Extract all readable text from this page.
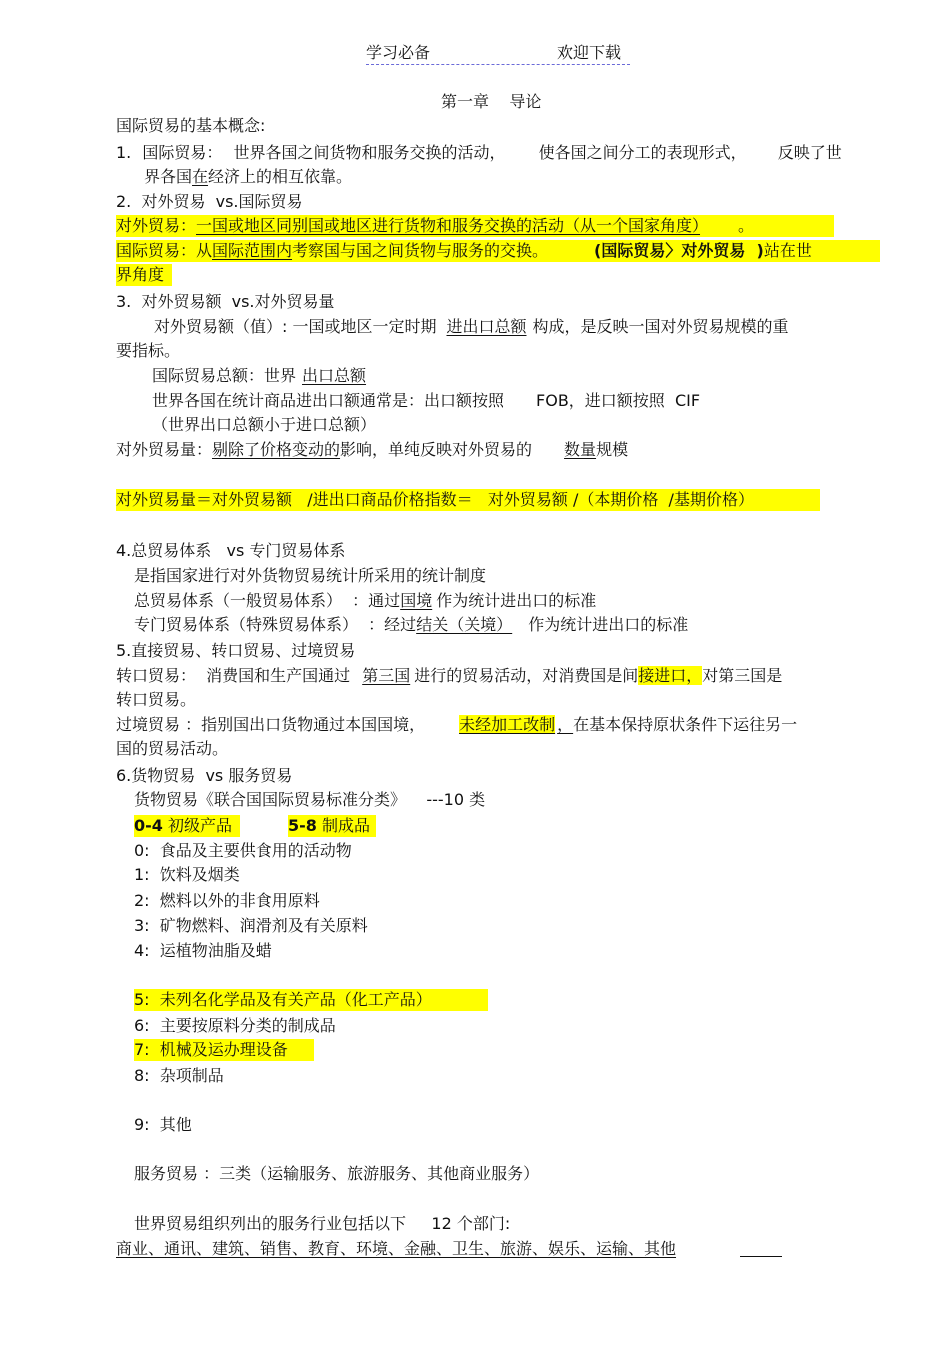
学习必备	欢迎下载
第一章    导论
国际贸易的基本概念:
1. 国际贸易： 世界各国之间货物和服务交换的活动， 使各国之间分工的表现形式， 反映了世
界各国在经济上的相互依靠。
2.  对外贸易  vs.国际贸易
对外贸易：一国或地区同别国或地区进行货物和服务交换的活动（从一个国家角度） 。
国际贸易：从国际范围内考察国与国之间货物与服务的交换。	(国际贸易〉对外贸易  )站在世
界角度
3.  对外贸易额  vs.对外贸易量
对外贸易额（值）: 一国或地区一定时期 进出口总额 构成，是反映一国对外贸易规模的重
要指标。
国际贸易总额：世界 出口总额
世界各国在统计商品进出口额通常是：出口额按照 FOB，进口额按照  CIF
（世界出口总额小于进口总额）
对外贸易量：剔除了价格变动的影响，单纯反映对外贸易的 数量规模
对外贸易量＝对外贸易额   /进出口商品价格指数＝   对外贸易额 /（本期价格  /基期价格）
4.总贸易体系   vs 专门贸易体系
是指国家进行对外货物贸易统计所采用的统计制度
总贸易体系（一般贸易体系）  ：通过国境 作为统计进出口的标准
专门贸易体系（特殊贸易体系）  ：经过结关（关境） 作为统计进出口的标准
5.直接贸易、转口贸易、过境贸易
转口贸易：  消费国和生产国通过 第三国 进行的贸易活动，对消费国是间接进口，对第三国是
转口贸易。
过境贸易 ：指别国出口货物通过本国国境， 未经加工改制 ，在基本保持原状条件下运往另一
国的贸易活动。
6.货物贸易  vs 服务贸易
货物贸易《联合国国际贸易标准分类》    ---10 类
0-4 初级产品	5-8 制成品
0:  食品及主要供食用的活动物
1:  饮料及烟类
2:  燃料以外的非食用原料
3:  矿物燃料、润滑剂及有关原料
4:  运植物油脂及蜡
5:  未列名化学品及有关产品（化工产品）
6:  主要按原料分类的制成品
7:  机械及运办理设备
8:  杂项制品
9:  其他
服务贸易 ：三类（运输服务、旅游服务、其他商业服务）
世界贸易组织列出的服务行业包括以下     12 个部门:
商业、通讯、建筑、销售、教育、环境、金融、卫生、旅游、娱乐、运输、其他
